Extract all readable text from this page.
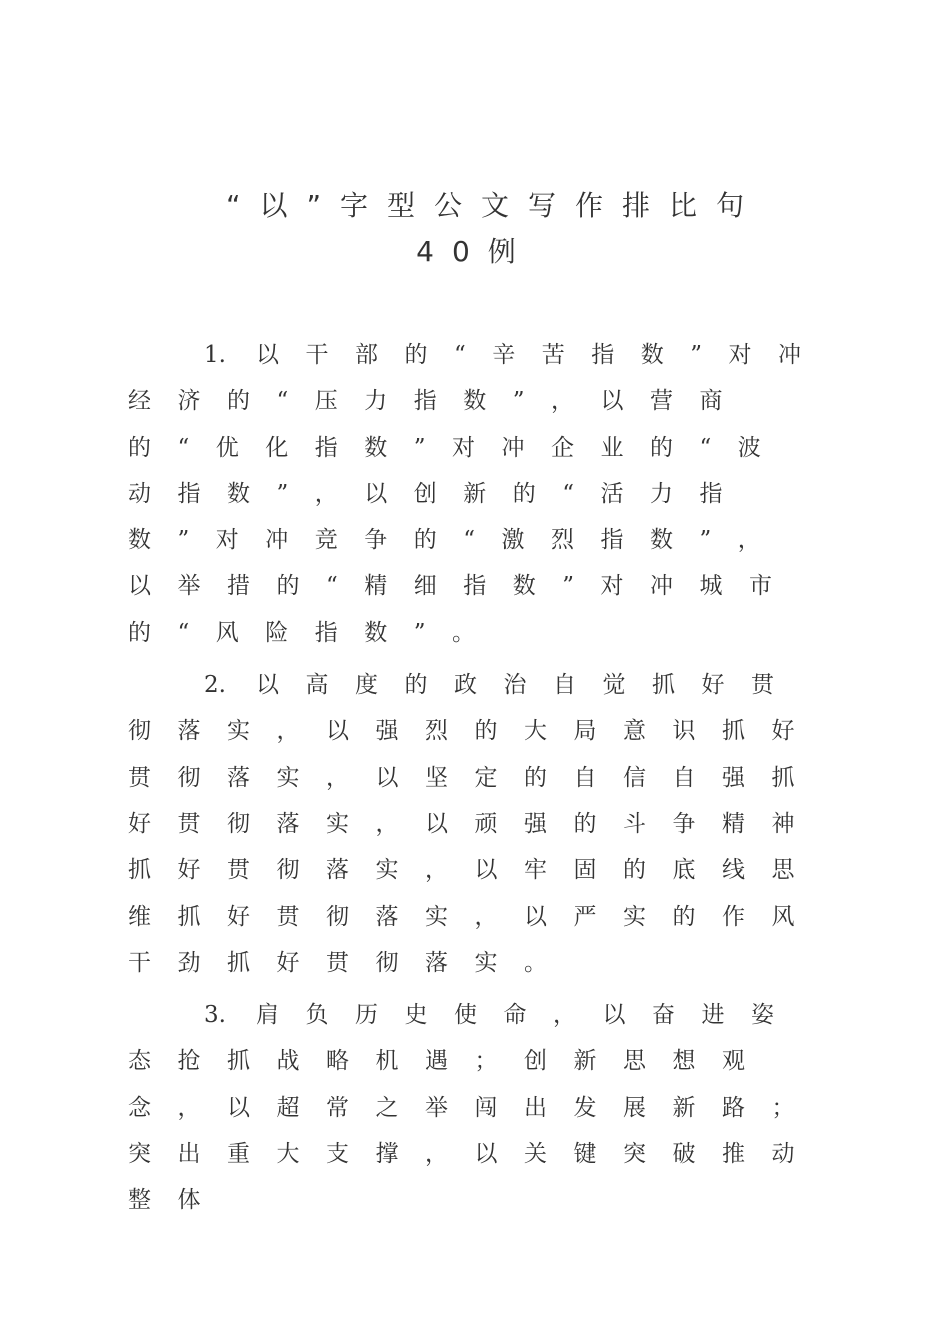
“以”字型公文写作排比句
40例

1. 以干部的“辛苦指数”对冲经济的“压力指数”，以营商的“优化指数”对冲企业的“波动指数”，以创新的“活力指数”对冲竞争的“激烈指数”，以举措的“精细指数”对冲城市的“风险指数”。

2. 以高度的政治自觉抓好贯彻落实，以强烈的大局意识抓好贯彻落实，以坚定的自信自强抓好贯彻落实，以顽强的斗争精神抓好贯彻落实，以牢固的底线思维抓好贯彻落实，以严实的作风干劲抓好贯彻落实。

3. 肩负历史使命，以奋进姿态抢抓战略机遇；创新思想观念，以超常之举闯出发展新路；突出重大支撑，以关键突破推动整体
